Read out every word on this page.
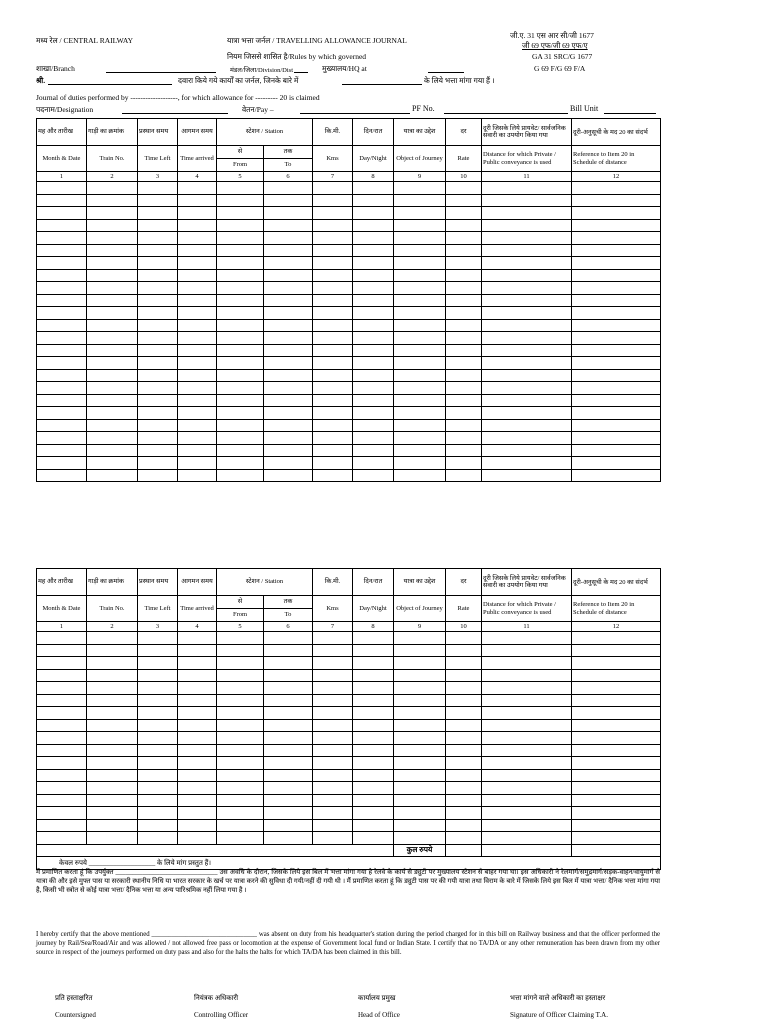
मध्य रेल / CENTRAL RAILWAY	यात्रा भत्ता जर्नल / TRAVELLING ALLOWANCE JOURNAL
जी.ए. 31 एस आर सी/जी 1677
जी 69 एफ/जी 69 एफ/ए
नियम जिससे शासित है/Rules by which governed	GA 31 SRC/G 1677
शाखा/Branch	मंडल/जिला/Division/Dist	मुख्यालय/HQ at	G 69 F/G 69 F/A
श्री.	दवारा किये गये कार्यों का जर्नल, जिनके बारे में	के लिये भत्ता मांगा गया हैं ।
Journal of duties performed by -------------------, for which allowance for --------- 20 is claimed
पदनाम/Designation	वेतन/Pay –	PF No.	Bill Unit
मह और तारीख	गाड़ी का क्रमांक	प्रस्थान समय	आगमन समय	स्टेशन / Station		कि.मी.	दिन/रात	यात्रा का उद्देश	दर	दूरी जिसके लिये प्रायवेट/ सार्वजनिक सवारी का उपयोग किया गया	दूरी-अनुसूची के मद 20 का संदर्भ
Month & Date	Train No.	Time Left	Time arrived	से	तक	Kms	Day/Night	Object of Journey	Rate	Distance for which Private / Public conveyance is used	Reference to Item 20 in Schedule of distance
				From	To						
1	2	3	4	5	6	7	8	9	10	11	12

मह और तारीख	गाड़ी का क्रमांक	प्रस्थान समय	आगमन समय	स्टेशन / Station		कि.मी.	दिन/रात	यात्रा का उद्देश	दर	दूरी जिसके लिये प्रायवेट/ सार्वजनिक सवारी का उपयोग किया गया	दूरी-अनुसूची के मद 20 का संदर्भ
Month & Date	Train No.	Time Left	Time arrived	से	तक	Kms	Day/Night	Object of Journey	Rate	Distance for which Private / Public conveyance is used	Reference to Item 20 in Schedule of distance
				From	To						
1	2	3	4	5	6	7	8	9	10	11	12

								कुल रुपये			
केवल रुपये ___________________ के लिये मांग प्रस्तुत हैं।											
मैं प्रमाणित करता हूं कि उपर्युक्त ______________________________ उस अवधि के दौरान, जिसके लिये इस बिल में भत्ता मांगा गया है रेलवे के कार्य से ड्युटी पर मुख्यालय स्टेशन से बाहर गया था। इस अधिकारी ने रेलमार्ग/समुद्रमार्ग/सड़क-वाहन/वायुमार्ग से यात्रा की और इसे मुफ्त पास या सरकारी स्थानीय निधि या भारत सरकार के खर्च पर यात्रा करने की सुविधा दी गयी/नहीं दी गयी थी । मैं प्रमाणित करता हूं कि ड्युटी पास पर की गयी यात्रा तथा विराम के बारे में जिसके लिये इस बिल में यात्रा भत्ता/ दैनिक भत्ता मांगा गया है, किसी भी स्त्रोत से कोई यात्रा भत्ता/ दैनिक भत्ता या अन्य पारिश्रमिक नहीं लिया गया है ।
I hereby certify that the above mentioned _______________________________ was absent on duty from his headquarter's station during the period charged for in this bill on Railway business and that the officer performed the journey by Rail/Sea/Road/Air and was allowed / not allowed free pass or locomotion at the expense of Government local fund or Indian State. I certify that no TA/DA or any other remuneration has been drawn from my other source in respect of the journeys performed on duty pass and also for the halts the halts for which TA/DA has been claimed in this bill.
प्रति हस्ताक्षरित
Countersigned
नियंत्रक अधिकारी
Controlling Officer
कार्यालय प्रमुख
Head of Office
भत्ता मांगने वाले अधिकारी का हस्ताक्षर
Signature of Officer Claiming T.A.
